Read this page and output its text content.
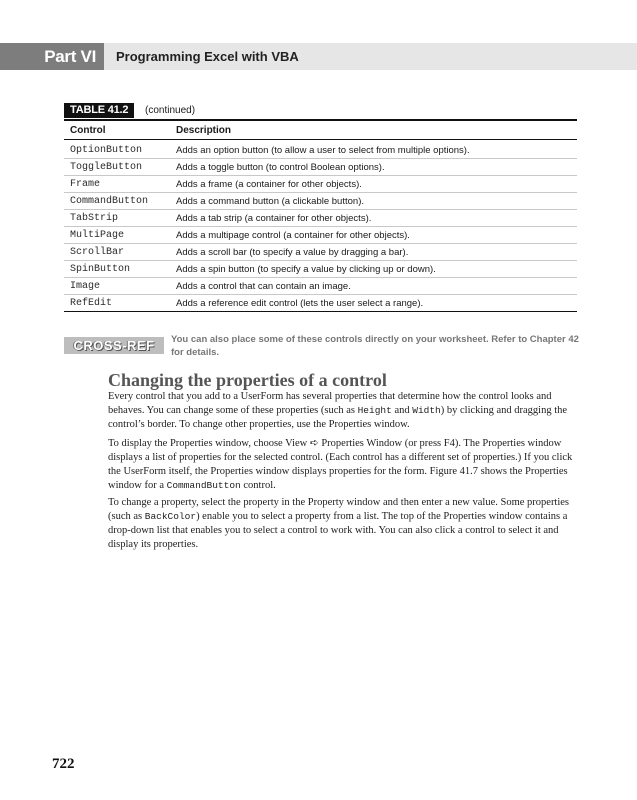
Part VI	Programming Excel with VBA
TABLE 41.2	(continued)
Control	Description
OptionButton	Adds an option button (to allow a user to select from multiple options).
ToggleButton	Adds a toggle button (to control Boolean options).
Frame	Adds a frame (a container for other objects).
CommandButton	Adds a command button (a clickable button).
TabStrip	Adds a tab strip (a container for other objects).
MultiPage	Adds a multipage control (a container for other objects).
ScrollBar	Adds a scroll bar (to specify a value by dragging a bar).
SpinButton	Adds a spin button (to specify a value by clicking up or down).
Image	Adds a control that can contain an image.
RefEdit	Adds a reference edit control (lets the user select a range).
CROSS-REF	You can also place some of these controls directly on your worksheet. Refer to Chapter 42 for details.
Changing the properties of a control

Every control that you add to a UserForm has several properties that determine how the control looks and behaves. You can change some of these properties (such as Height and Width) by clicking and dragging the control’s border. To change other properties, use the Properties window.

To display the Properties window, choose View ➪ Properties Window (or press F4). The Properties window displays a list of properties for the selected control. (Each control has a different set of properties.) If you click the UserForm itself, the Properties window displays properties for the form. Figure 41.7 shows the Properties window for a CommandButton control.

To change a property, select the property in the Property window and then enter a new value. Some properties (such as BackColor) enable you to select a property from a list. The top of the Properties window contains a drop-down list that enables you to select a control to work with. You can also click a control to select it and display its properties.

722
